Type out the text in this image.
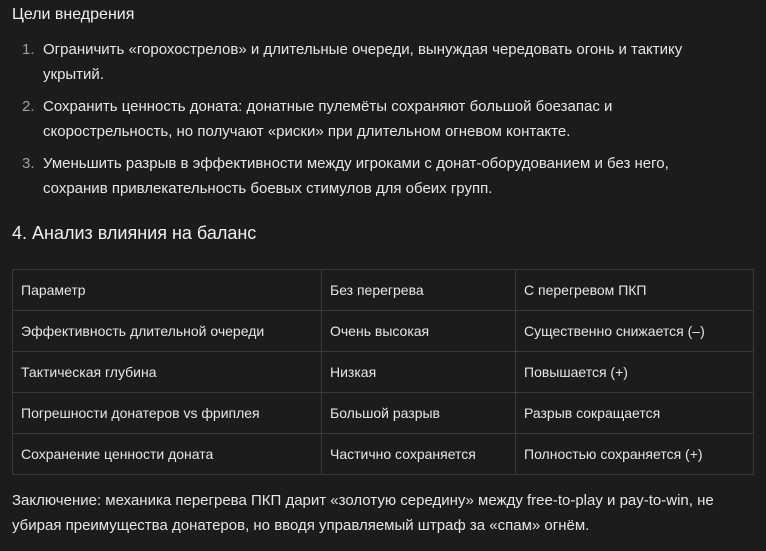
Цели внедрения
1. Ограничить «горохострелов» и длительные очереди, вынуждая чередовать огонь и тактику укрытий.
2. Сохранить ценность доната: донатные пулемёты сохраняют большой боезапас и скорострельность, но получают «риски» при длительном огневом контакте.
3. Уменьшить разрыв в эффективности между игроками с донат-оборудованием и без него, сохранив привлекательность боевых стимулов для обеих групп.
4. Анализ влияния на баланс
Параметр	Без перегрева	С перегревом ПКП
Эффективность длительной очереди	Очень высокая	Существенно снижается (–)
Тактическая глубина	Низкая	Повышается (+)
Погрешности донатеров vs фриплея	Большой разрыв	Разрыв сокращается
Сохранение ценности доната	Частично сохраняется	Полностью сохраняется (+)

Заключение: механика перегрева ПКП дарит «золотую середину» между free-to-play и pay-to-win, не убирая преимущества донатеров, но вводя управляемый штраф за «спам» огнём.
